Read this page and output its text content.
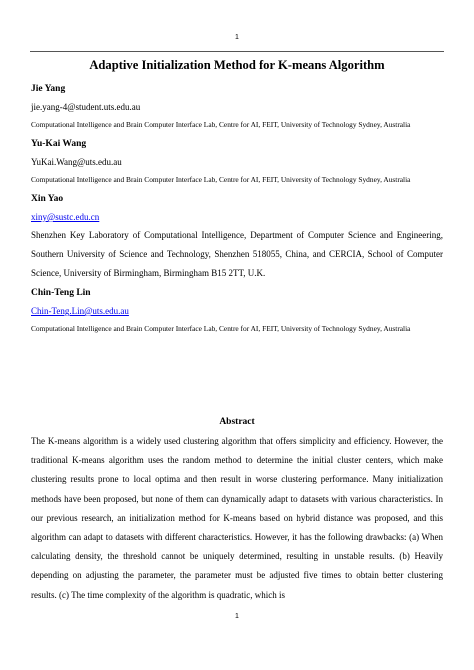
1
Adaptive Initialization Method for K-means Algorithm
Jie Yang
jie.yang-4@student.uts.edu.au
Computational Intelligence and Brain Computer Interface Lab, Centre for AI, FEIT, University of Technology Sydney, Australia
Yu-Kai Wang
YuKai.Wang@uts.edu.au
Computational Intelligence and Brain Computer Interface Lab, Centre for AI, FEIT, University of Technology Sydney, Australia
Xin Yao
xiny@sustc.edu.cn
Shenzhen Key Laboratory of Computational Intelligence, Department of Computer Science and Engineering, Southern University of Science and Technology, Shenzhen 518055, China, and CERCIA, School of Computer Science, University of Birmingham, Birmingham B15 2TT, U.K.
Chin-Teng Lin
Chin-Teng.Lin@uts.edu.au
Computational Intelligence and Brain Computer Interface Lab, Centre for AI, FEIT, University of Technology Sydney, Australia
Abstract
The K-means algorithm is a widely used clustering algorithm that offers simplicity and efficiency. However, the traditional K-means algorithm uses the random method to determine the initial cluster centers, which make clustering results prone to local optima and then result in worse clustering performance. Many initialization methods have been proposed, but none of them can dynamically adapt to datasets with various characteristics. In our previous research, an initialization method for K-means based on hybrid distance was proposed, and this algorithm can adapt to datasets with different characteristics. However, it has the following drawbacks: (a) When calculating density, the threshold cannot be uniquely determined, resulting in unstable results. (b) Heavily depending on adjusting the parameter, the parameter must be adjusted five times to obtain better clustering results. (c) The time complexity of the algorithm is quadratic, which is
1
